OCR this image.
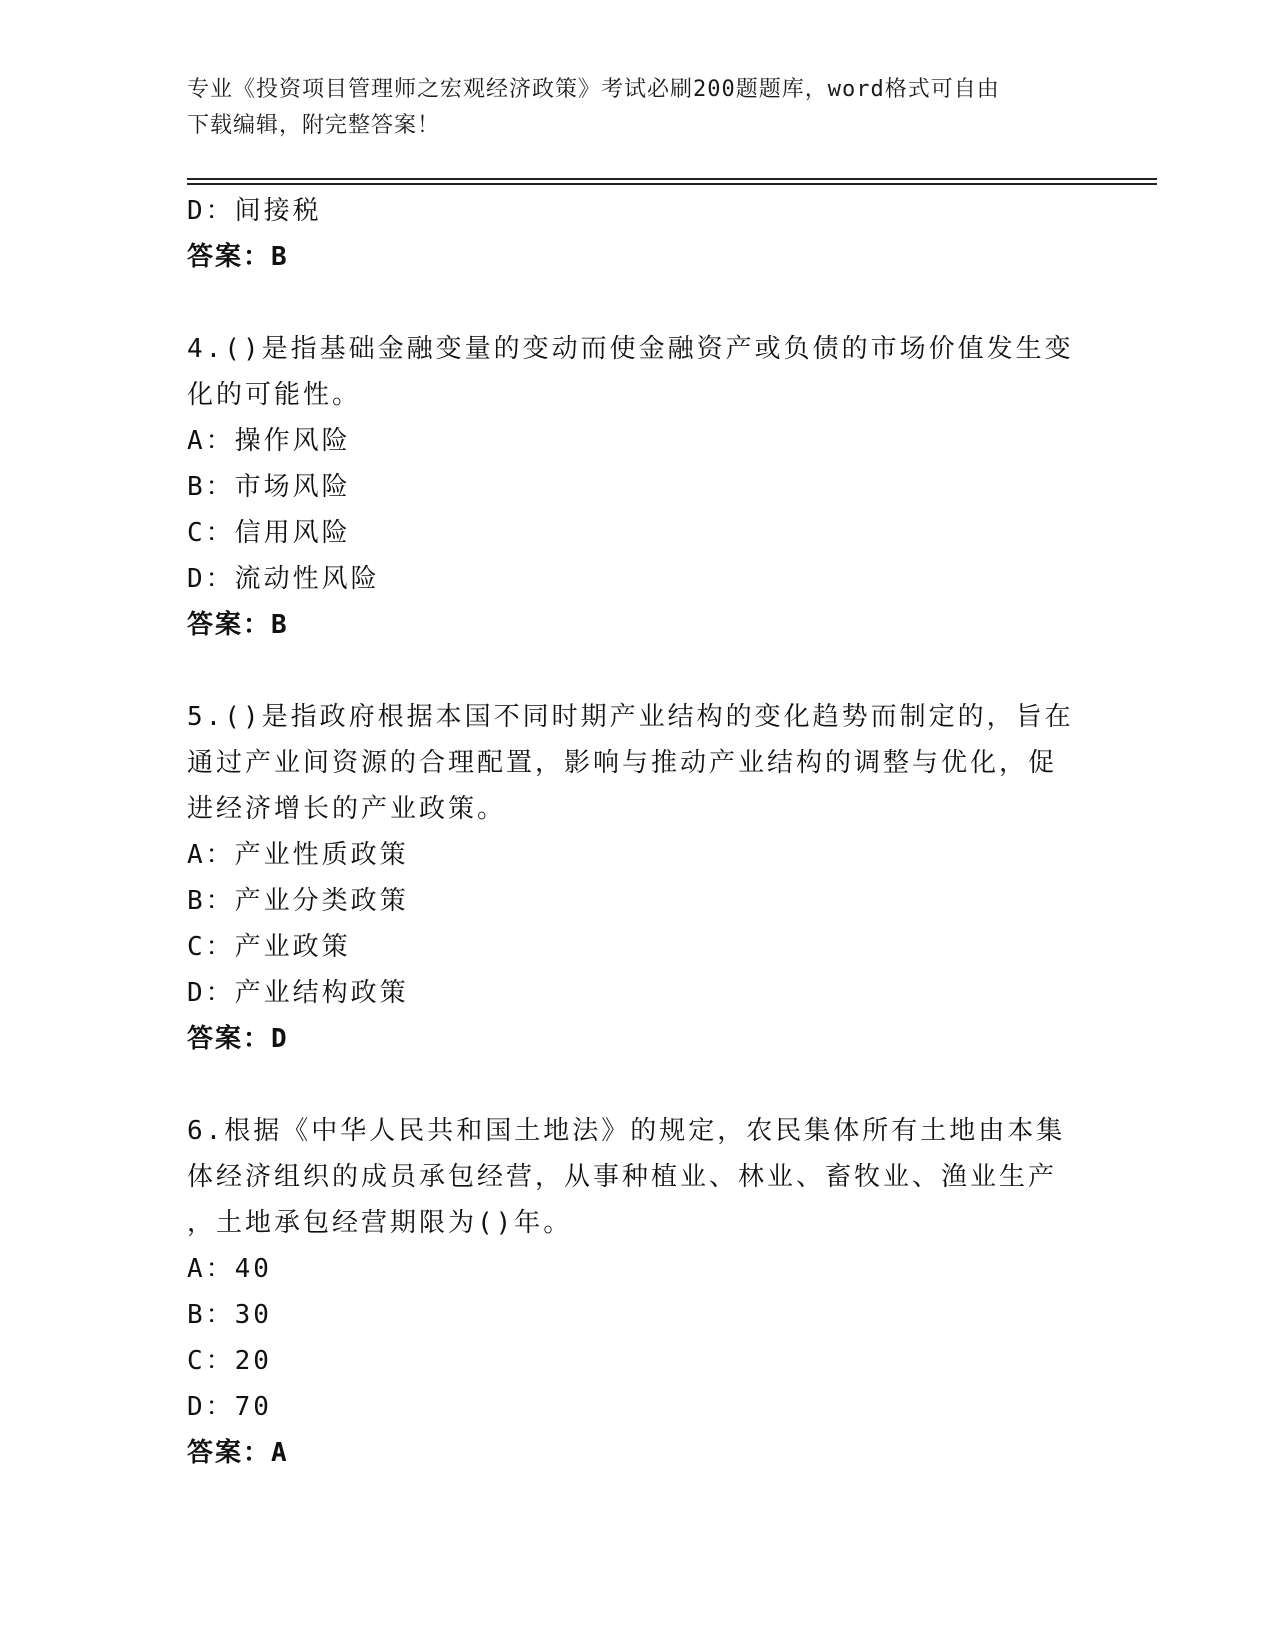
专业《投资项目管理师之宏观经济政策》考试必刷200题题库，word格式可自由
下载编辑，附完整答案！
D：间接税
答案：B
4.()是指基础金融变量的变动而使金融资产或负债的市场价值发生变
化的可能性。
A：操作风险
B：市场风险
C：信用风险
D：流动性风险
答案：B
5.()是指政府根据本国不同时期产业结构的变化趋势而制定的，旨在
通过产业间资源的合理配置，影响与推动产业结构的调整与优化，促
进经济增长的产业政策。
A：产业性质政策
B：产业分类政策
C：产业政策
D：产业结构政策
答案：D
6.根据《中华人民共和国土地法》的规定，农民集体所有土地由本集
体经济组织的成员承包经营，从事种植业、林业、畜牧业、渔业生产
，土地承包经营期限为()年。
A：40
B：30
C：20
D：70
答案：A
